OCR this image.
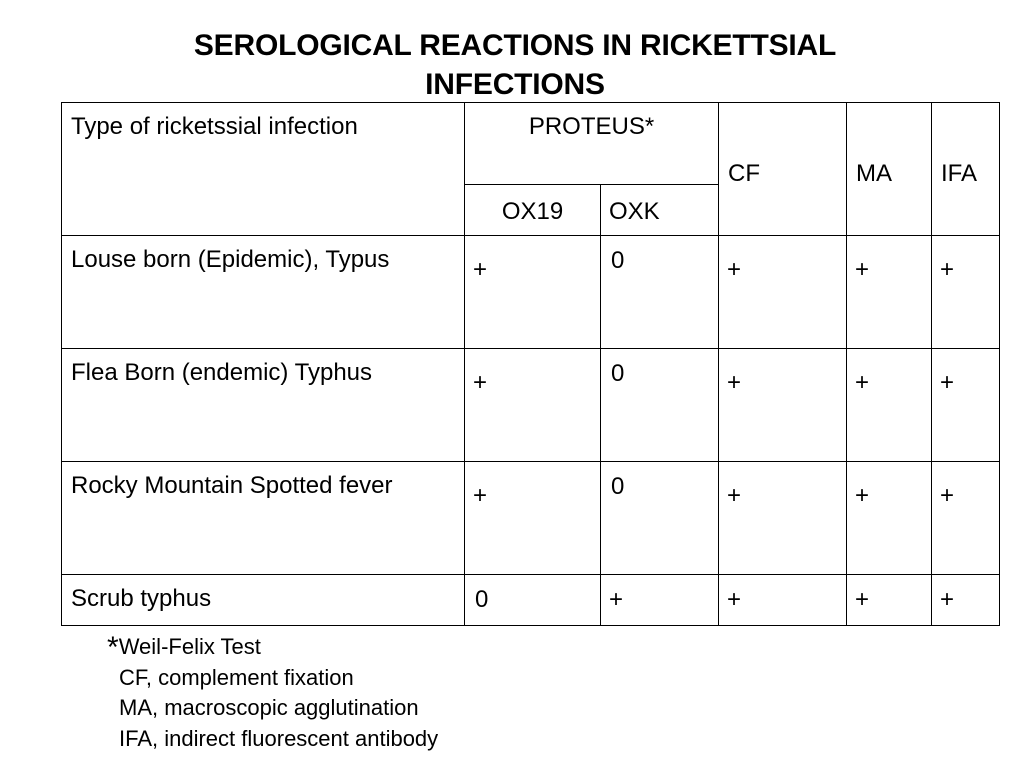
SEROLOGICAL REACTIONS IN RICKETTSIAL
INFECTIONS
Type of ricketssial infection	PROTEUS*		CF	MA	IFA

	OX19	OXK			

Louse born (Epidemic), Typus	+	0	+	+	+

Flea Born (endemic) Typhus	+	0	+	+	+

Rocky Mountain Spotted fever	+	0	+	+	+

Scrub typhus	0	+	+	+	+
*Weil-Felix Test
CF, complement fixation
MA, macroscopic agglutination
IFA, indirect fluorescent antibody
